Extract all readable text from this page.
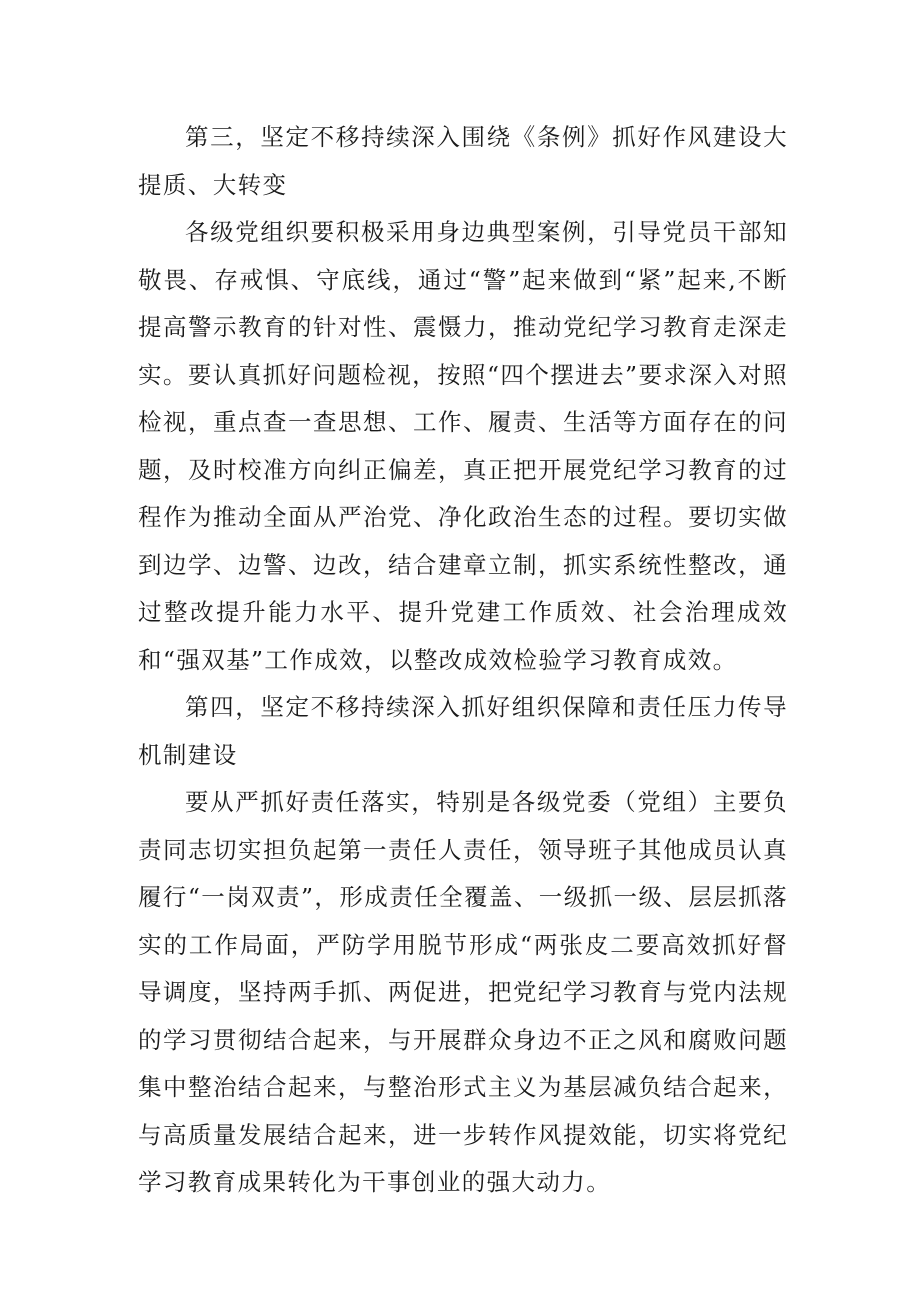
第三，坚定不移持续深入围绕《条例》抓好作风建设大提质、大转变

各级党组织要积极采用身边典型案例，引导党员干部知敬畏、存戒惧、守底线，通过“警”起来做到“紧”起来,不断提高警示教育的针对性、震慑力，推动党纪学习教育走深走实。要认真抓好问题检视，按照“四个摆进去”要求深入对照检视，重点查一查思想、工作、履责、生活等方面存在的问题，及时校准方向纠正偏差，真正把开展党纪学习教育的过程作为推动全面从严治党、净化政治生态的过程。要切实做到边学、边警、边改，结合建章立制，抓实系统性整改，通过整改提升能力水平、提升党建工作质效、社会治理成效和“强双基”工作成效，以整改成效检验学习教育成效。

第四，坚定不移持续深入抓好组织保障和责任压力传导机制建设

要从严抓好责任落实，特别是各级党委（党组）主要负责同志切实担负起第一责任人责任，领导班子其他成员认真履行“一岗双责”，形成责任全覆盖、一级抓一级、层层抓落实的工作局面，严防学用脱节形成“两张皮二要高效抓好督导调度，坚持两手抓、两促进，把党纪学习教育与党内法规的学习贯彻结合起来，与开展群众身边不正之风和腐败问题集中整治结合起来，与整治形式主义为基层减负结合起来，与高质量发展结合起来，进一步转作风提效能，切实将党纪学习教育成果转化为干事创业的强大动力。
